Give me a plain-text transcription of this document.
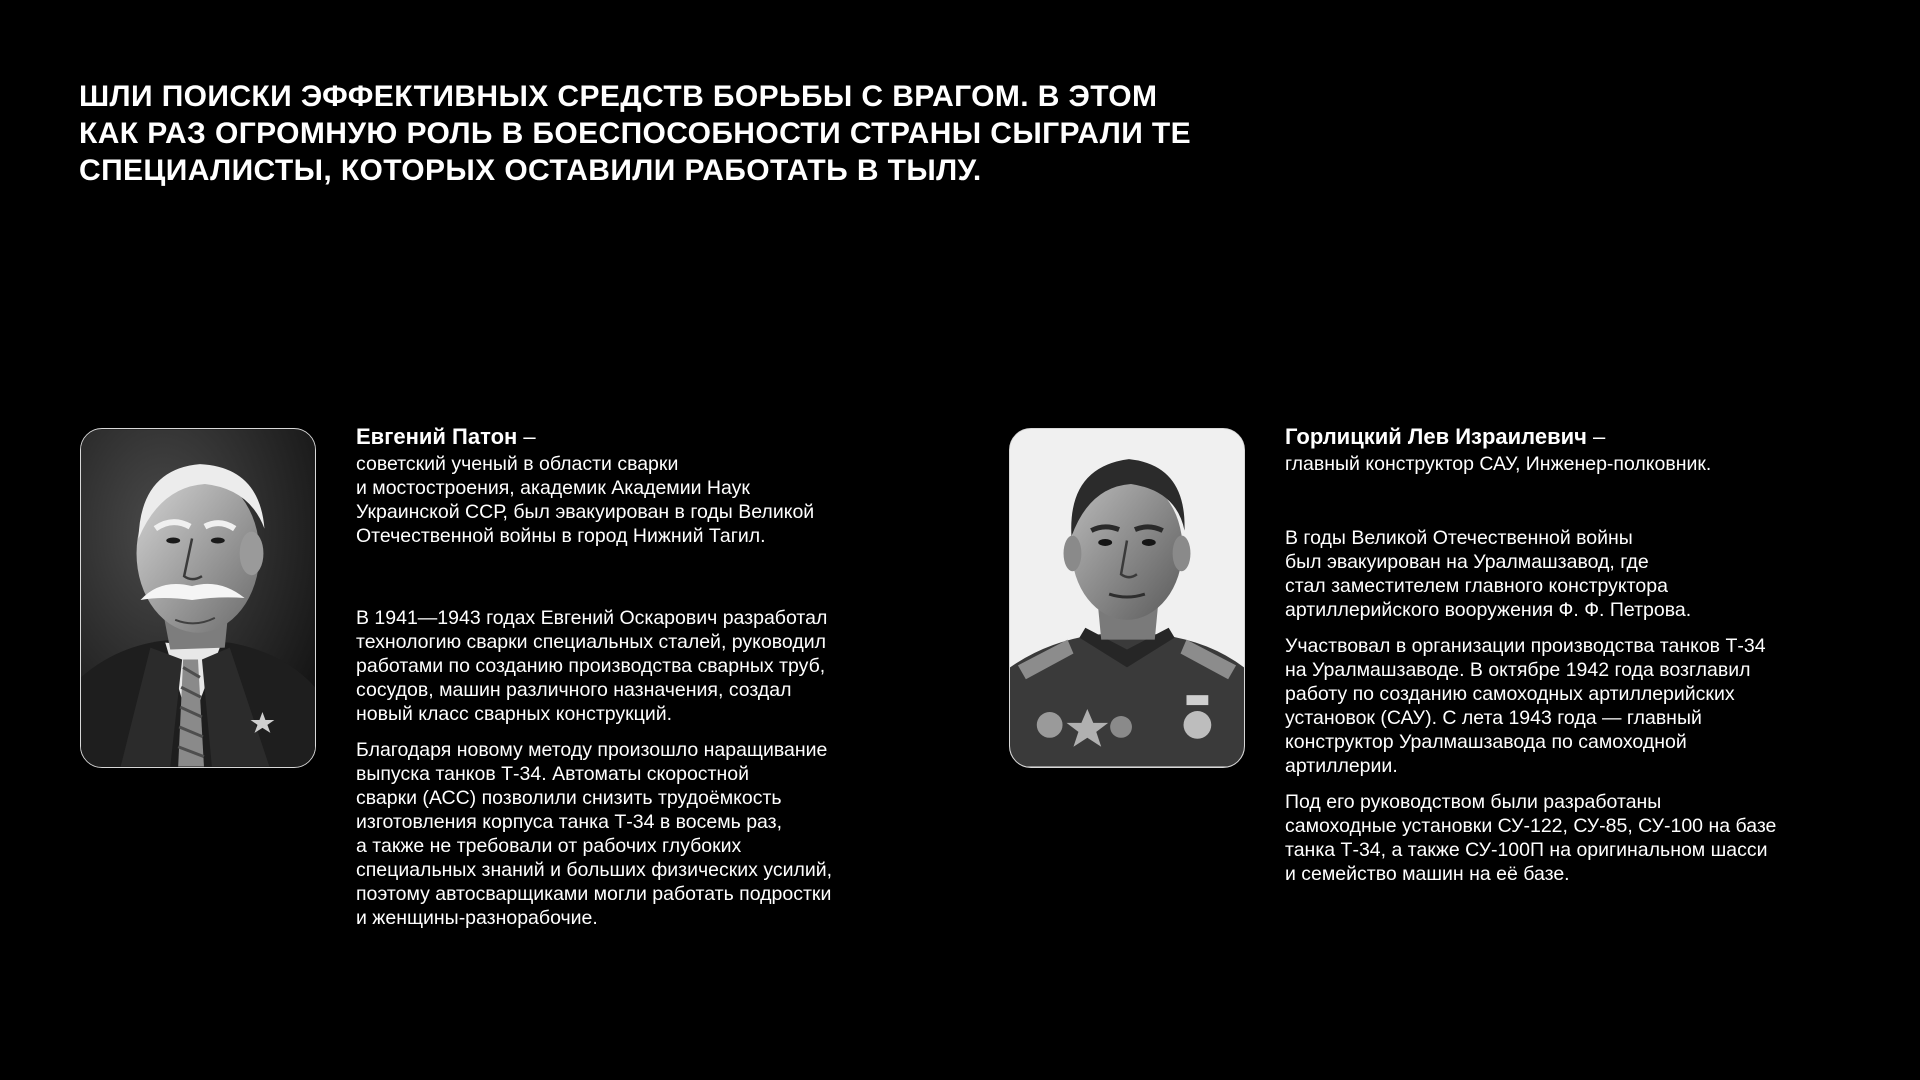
ШЛИ ПОИСКИ ЭФФЕКТИВНЫХ СРЕДСТВ БОРЬБЫ С ВРАГОМ. В ЭТОМ
КАК РАЗ ОГРОМНУЮ РОЛЬ В БОЕСПОСОБНОСТИ СТРАНЫ СЫГРАЛИ ТЕ
СПЕЦИАЛИСТЫ, КОТОРЫХ ОСТАВИЛИ РАБОТАТЬ В ТЫЛУ.
Евгений Патон –
советский ученый в области сварки
и мостостроения, академик Академии Наук
Украинской ССР, был эвакуирован в годы Великой
Отечественной войны в город Нижний Тагил.
В 1941—1943 годах Евгений Оскарович разработал
технологию сварки специальных сталей, руководил
работами по созданию производства сварных труб,
сосудов, машин различного назначения, создал
новый класс сварных конструкций.
Благодаря новому методу произошло наращивание
выпуска танков Т-34. Автоматы скоростной
сварки (АСС) позволили снизить трудоёмкость
изготовления корпуса танка Т-34 в восемь раз,
а также не требовали от рабочих глубоких
специальных знаний и больших физических усилий,
поэтому автосварщиками могли работать подростки
и женщины-разнорабочие.
Горлицкий Лев Израилевич –
главный конструктор САУ, Инженер-полковник.
В годы Великой Отечественной войны
был эвакуирован на Уралмашзавод, где
стал заместителем главного конструктора
артиллерийского вооружения Ф. Ф. Петрова.
Участвовал в организации производства танков Т-34
на Уралмашзаводе. В октябре 1942 года возглавил
работу по созданию самоходных артиллерийских
установок (САУ). С лета 1943 года — главный
конструктор Уралмашзавода по самоходной
артиллерии.
Под его руководством были разработаны
самоходные установки СУ-122, СУ-85, СУ-100 на базе
танка Т-34, а также СУ-100П на оригинальном шасси
и семейство машин на её базе.
